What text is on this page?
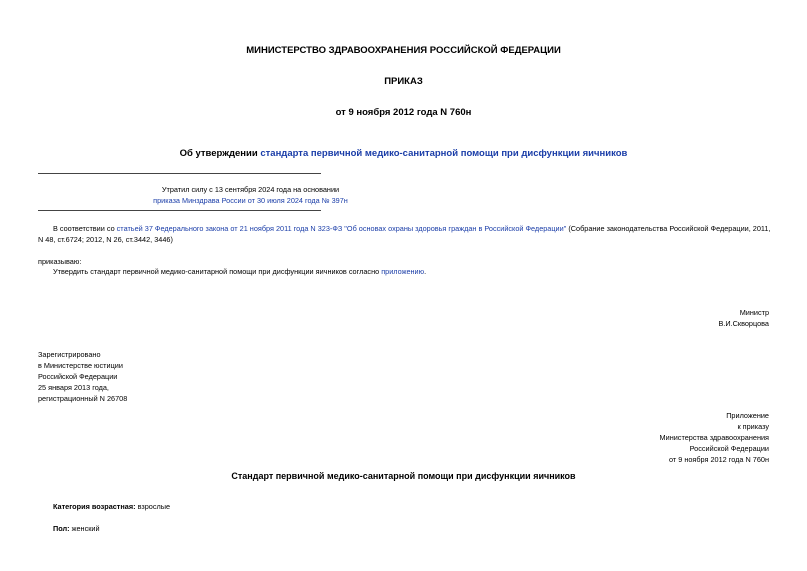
МИНИСТЕРСТВО ЗДРАВООХРАНЕНИЯ РОССИЙСКОЙ ФЕДЕРАЦИИ
ПРИКАЗ
от 9 ноября 2012 года N 760н
Об утверждении стандарта первичной медико-санитарной помощи при дисфункции яичников
Утратил силу с 13 сентября 2024 года на основании
приказа Минздрава России от 30 июля 2024 года № 397н
В соответствии со статьей 37 Федерального закона от 21 ноября 2011 года N 323-ФЗ "Об основах охраны здоровья граждан в Российской Федерации" (Собрание законодательства Российской Федерации, 2011,
N 48, ст.6724; 2012, N 26, ст.3442, 3446)
приказываю:
Утвердить стандарт первичной медико-санитарной помощи при дисфункции яичников согласно приложению.
Министр
В.И.Скворцова
Зарегистрировано
в Министерстве юстиции
Российской Федерации
25 января 2013 года,
регистрационный N 26708
Приложение
к приказу
Министерства здравоохранения
Российской Федерации
от 9 ноября 2012 года N 760н
Стандарт первичной медико-санитарной помощи при дисфункции яичников
Категория возрастная: взрослые
Пол: женский
